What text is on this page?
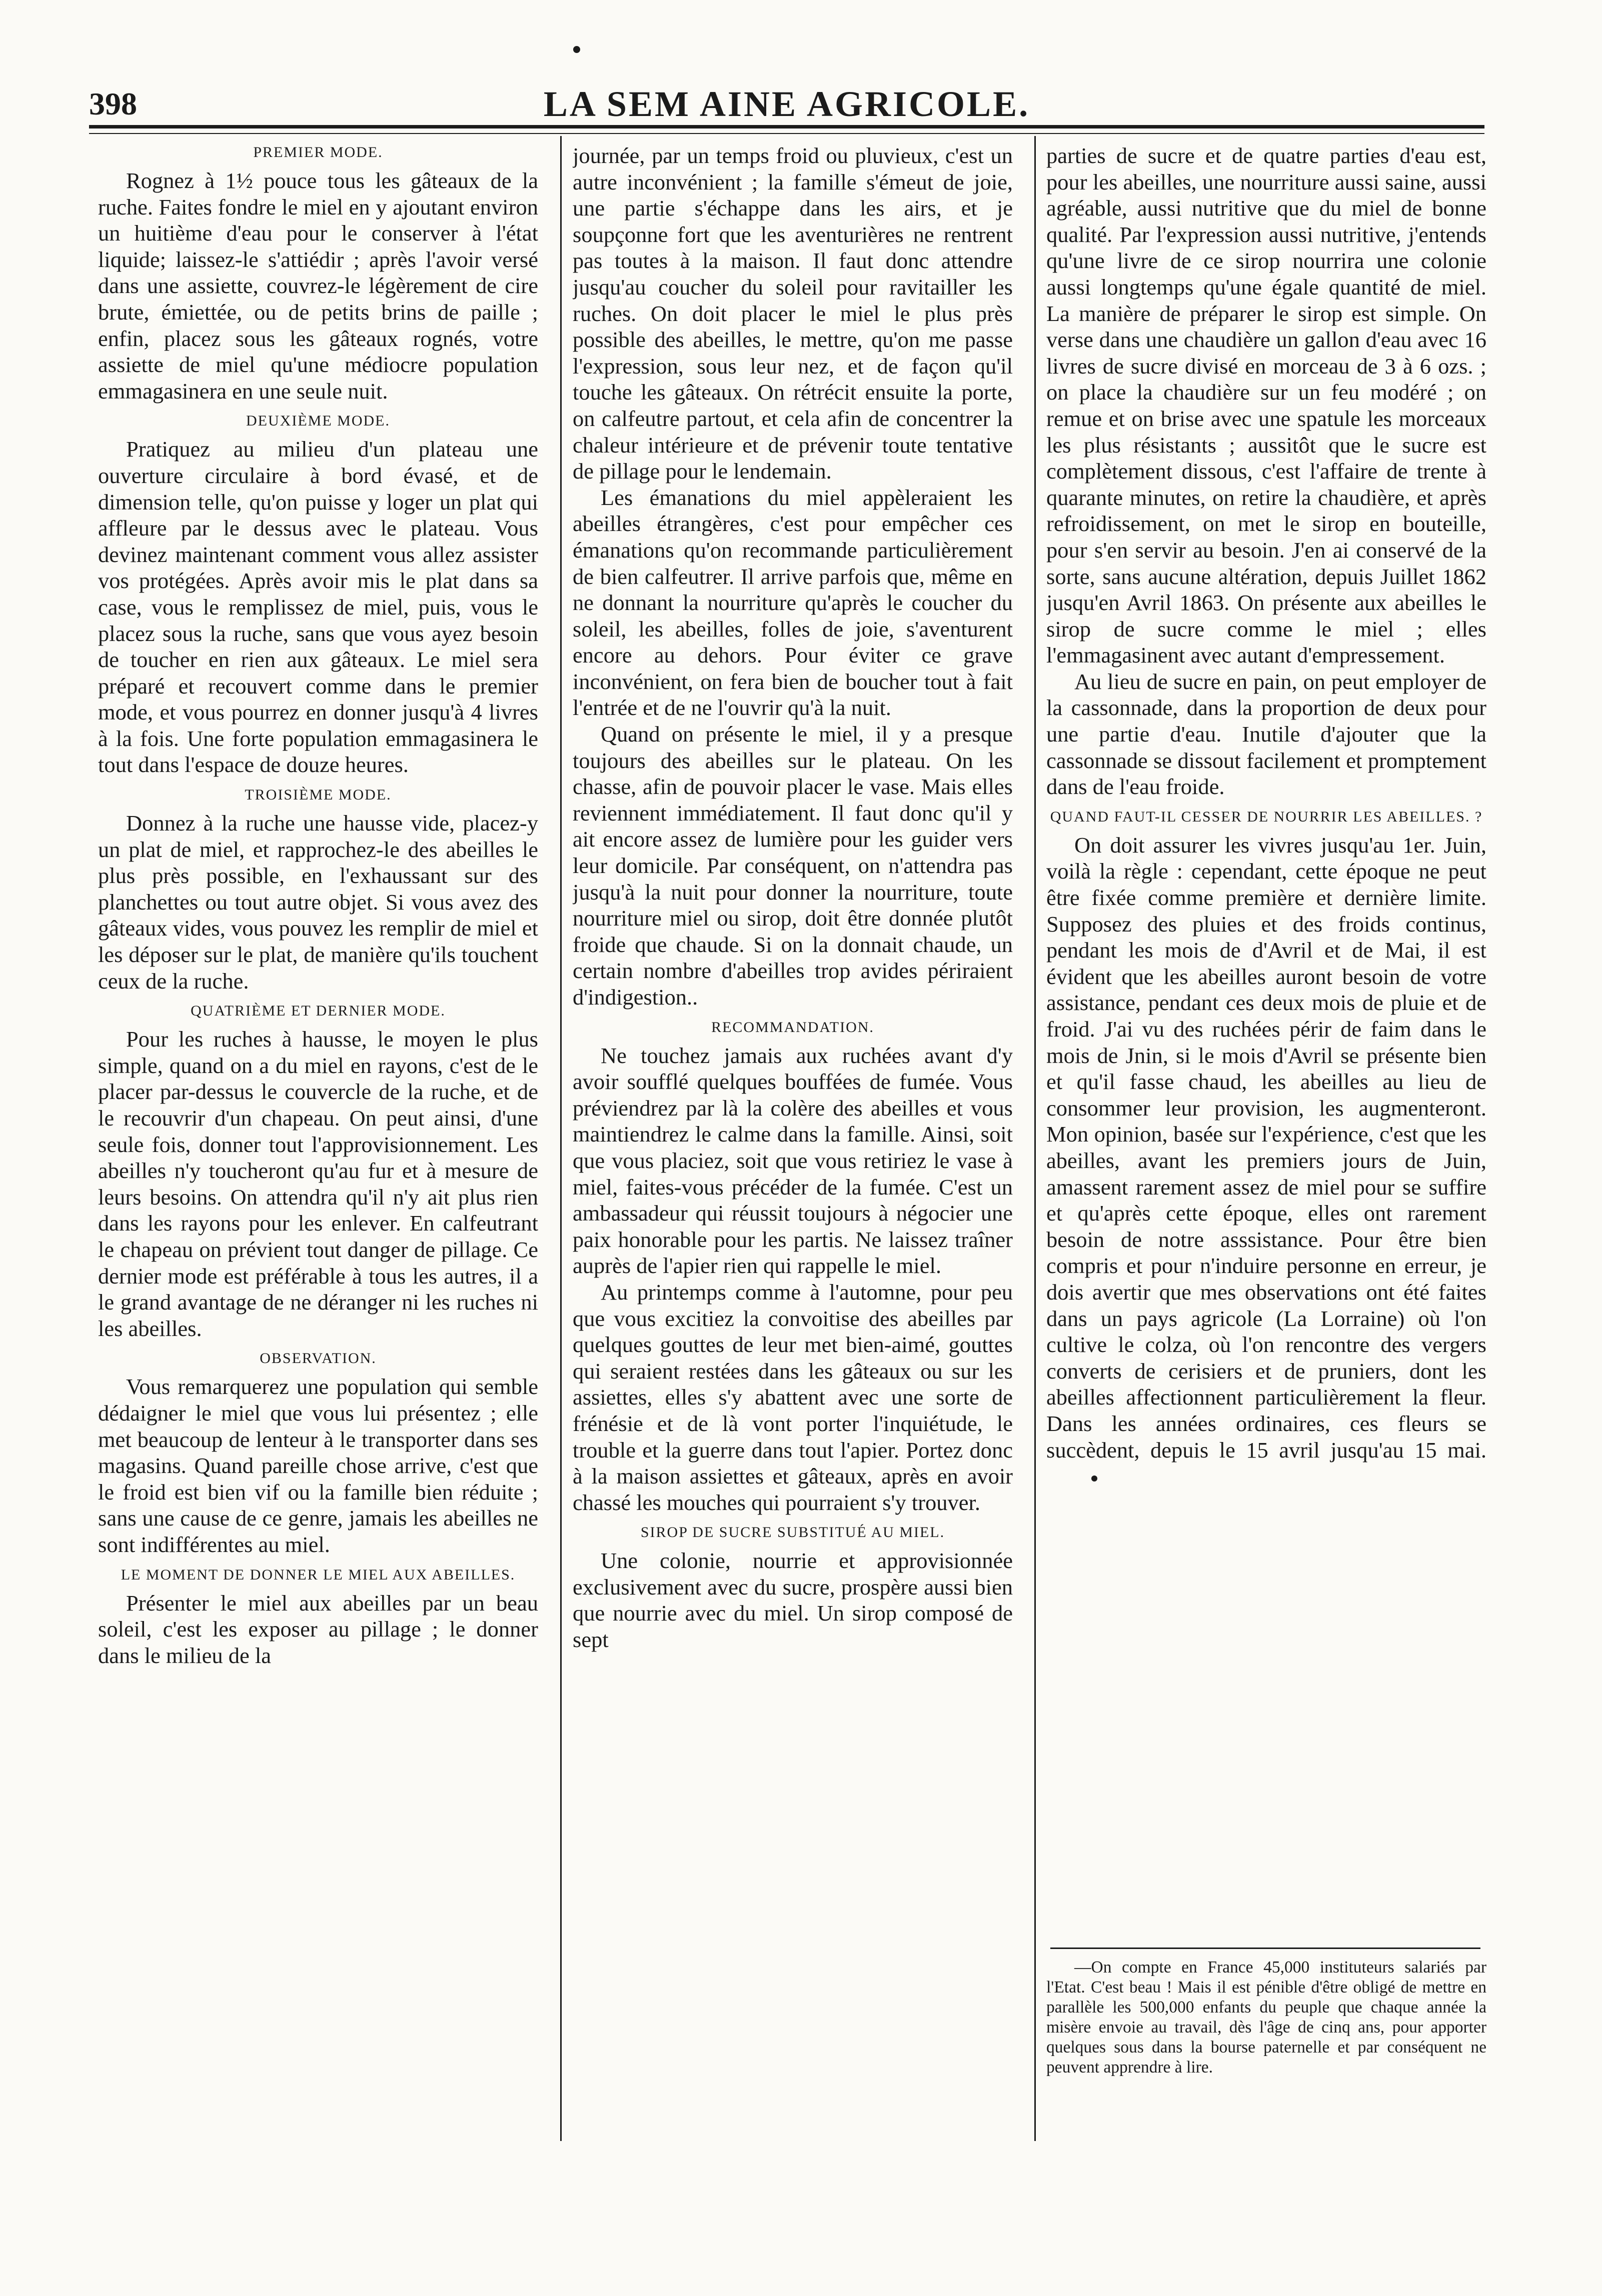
398	LA SEM AINE AGRICOLE.
PREMIER MODE.

Rognez à 1½ pouce tous les gâteaux de la ruche. Faites fondre le miel en y ajoutant environ un huitième d'eau pour le conserver à l'état liquide; laissez-le s'attiédir ; après l'avoir versé dans une assiette, couvrez-le légèrement de cire brute, émiettée, ou de petits brins de paille ; enfin, placez sous les gâteaux rognés, votre assiette de miel qu'une médiocre population emmagasinera en une seule nuit.

DEUXIÈME MODE.

Pratiquez au milieu d'un plateau une ouverture circulaire à bord évasé, et de dimension telle, qu'on puisse y loger un plat qui affleure par le dessus avec le plateau. Vous devinez maintenant comment vous allez assister vos protégées. Après avoir mis le plat dans sa case, vous le remplissez de miel, puis, vous le placez sous la ruche, sans que vous ayez besoin de toucher en rien aux gâteaux. Le miel sera préparé et recouvert comme dans le premier mode, et vous pourrez en donner jusqu'à 4 livres à la fois. Une forte population emmagasinera le tout dans l'espace de douze heures.

TROISIÈME MODE.

Donnez à la ruche une hausse vide, placez-y un plat de miel, et rapprochez-le des abeilles le plus près possible, en l'exhaussant sur des planchettes ou tout autre objet. Si vous avez des gâteaux vides, vous pouvez les remplir de miel et les déposer sur le plat, de manière qu'ils touchent ceux de la ruche.

QUATRIÈME ET DERNIER MODE.

Pour les ruches à hausse, le moyen le plus simple, quand on a du miel en rayons, c'est de le placer par-dessus le couvercle de la ruche, et de le recouvrir d'un chapeau. On peut ainsi, d'une seule fois, donner tout l'approvisionnement. Les abeilles n'y toucheront qu'au fur et à mesure de leurs besoins. On attendra qu'il n'y ait plus rien dans les rayons pour les enlever. En calfeutrant le chapeau on prévient tout danger de pillage. Ce dernier mode est préférable à tous les autres, il a le grand avantage de ne déranger ni les ruches ni les abeilles.

OBSERVATION.

Vous remarquerez une population qui semble dédaigner le miel que vous lui présentez ; elle met beaucoup de lenteur à le transporter dans ses magasins. Quand pareille chose arrive, c'est que le froid est bien vif ou la famille bien réduite ; sans une cause de ce genre, jamais les abeilles ne sont indifférentes au miel.

LE MOMENT DE DONNER LE MIEL AUX ABEILLES.

Présenter le miel aux abeilles par un beau soleil, c'est les exposer au pillage ; le donner dans le milieu de la

journée, par un temps froid ou pluvieux, c'est un autre inconvénient ; la famille s'émeut de joie, une partie s'échappe dans les airs, et je soupçonne fort que les aventurières ne rentrent pas toutes à la maison. Il faut donc attendre jusqu'au coucher du soleil pour ravitailler les ruches. On doit placer le miel le plus près possible des abeilles, le mettre, qu'on me passe l'expression, sous leur nez, et de façon qu'il touche les gâteaux. On rétrécit ensuite la porte, on calfeutre partout, et cela afin de concentrer la chaleur intérieure et de prévenir toute tentative de pillage pour le lendemain.

Les émanations du miel appèleraient les abeilles étrangères, c'est pour empêcher ces émanations qu'on recommande particulièrement de bien calfeutrer. Il arrive parfois que, même en ne donnant la nourriture qu'après le coucher du soleil, les abeilles, folles de joie, s'aventurent encore au dehors. Pour éviter ce grave inconvénient, on fera bien de boucher tout à fait l'entrée et de ne l'ouvrir qu'à la nuit.

Quand on présente le miel, il y a presque toujours des abeilles sur le plateau. On les chasse, afin de pouvoir placer le vase. Mais elles reviennent immédiatement. Il faut donc qu'il y ait encore assez de lumière pour les guider vers leur domicile. Par conséquent, on n'attendra pas jusqu'à la nuit pour donner la nourriture, toute nourriture miel ou sirop, doit être donnée plutôt froide que chaude. Si on la donnait chaude, un certain nombre d'abeilles trop avides périraient d'indigestion..

RECOMMANDATION.

Ne touchez jamais aux ruchées avant d'y avoir soufflé quelques bouffées de fumée. Vous préviendrez par là la colère des abeilles et vous maintiendrez le calme dans la famille. Ainsi, soit que vous placiez, soit que vous retiriez le vase à miel, faites-vous précéder de la fumée. C'est un ambassadeur qui réussit toujours à négocier une paix honorable pour les partis. Ne laissez traîner auprès de l'apier rien qui rappelle le miel.

Au printemps comme à l'automne, pour peu que vous excitiez la convoitise des abeilles par quelques gouttes de leur met bien-aimé, gouttes qui seraient restées dans les gâteaux ou sur les assiettes, elles s'y abattent avec une sorte de frénésie et de là vont porter l'inquiétude, le trouble et la guerre dans tout l'apier. Portez donc à la maison assiettes et gâteaux, après en avoir chassé les mouches qui pourraient s'y trouver.

SIROP DE SUCRE SUBSTITUÉ AU MIEL.

Une colonie, nourrie et approvisionnée exclusivement avec du sucre, prospère aussi bien que nourrie avec du miel. Un sirop composé de sept

parties de sucre et de quatre parties d'eau est, pour les abeilles, une nourriture aussi saine, aussi agréable, aussi nutritive que du miel de bonne qualité. Par l'expression aussi nutritive, j'entends qu'une livre de ce sirop nourrira une colonie aussi longtemps qu'une égale quantité de miel. La manière de préparer le sirop est simple. On verse dans une chaudière un gallon d'eau avec 16 livres de sucre divisé en morceau de 3 à 6 ozs. ; on place la chaudière sur un feu modéré ; on remue et on brise avec une spatule les morceaux les plus résistants ; aussitôt que le sucre est complètement dissous, c'est l'affaire de trente à quarante minutes, on retire la chaudière, et après refroidissement, on met le sirop en bouteille, pour s'en servir au besoin. J'en ai conservé de la sorte, sans aucune altération, depuis Juillet 1862 jusqu'en Avril 1863. On présente aux abeilles le sirop de sucre comme le miel ; elles l'emmagasinent avec autant d'empressement.

Au lieu de sucre en pain, on peut employer de la cassonnade, dans la proportion de deux pour une partie d'eau. Inutile d'ajouter que la cassonnade se dissout facilement et promptement dans de l'eau froide.

QUAND FAUT-IL CESSER DE NOURRIR LES ABEILLES. ?

On doit assurer les vivres jusqu'au 1er. Juin, voilà la règle : cependant, cette époque ne peut être fixée comme première et dernière limite. Supposez des pluies et des froids continus, pendant les mois de d'Avril et de Mai, il est évident que les abeilles auront besoin de votre assistance, pendant ces deux mois de pluie et de froid. J'ai vu des ruchées périr de faim dans le mois de Jnin, si le mois d'Avril se présente bien et qu'il fasse chaud, les abeilles au lieu de consommer leur provision, les augmenteront. Mon opinion, basée sur l'expérience, c'est que les abeilles, avant les premiers jours de Juin, amassent rarement assez de miel pour se suffire et qu'après cette époque, elles ont rarement besoin de notre asssistance. Pour être bien compris et pour n'induire personne en erreur, je dois avertir que mes observations ont été faites dans un pays agricole (La Lorraine) où l'on cultive le colza, où l'on rencontre des vergers converts de cerisiers et de pruniers, dont les abeilles affectionnent particulièrement la fleur. Dans les années ordinaires, ces fleurs se succèdent, depuis le 15 avril jusqu'au 15 mai.

—On compte en France 45,000 instituteurs salariés par l'Etat. C'est beau ! Mais il est pénible d'être obligé de mettre en parallèle les 500,000 enfants du peuple que chaque année la misère envoie au travail, dès l'âge de cinq ans, pour apporter quelques sous dans la bourse paternelle et par conséquent ne peuvent apprendre à lire.
